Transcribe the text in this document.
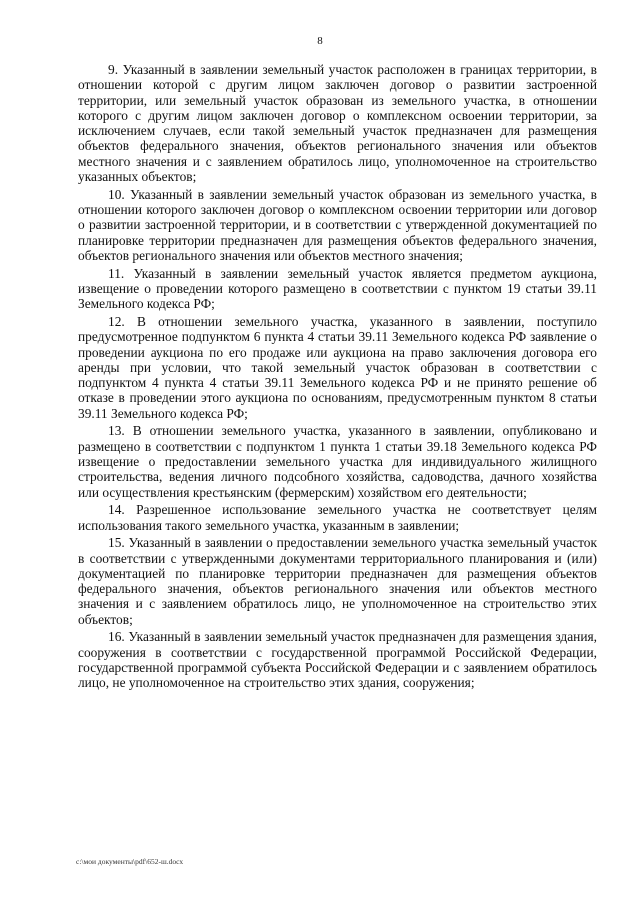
8

9. Указанный в заявлении земельный участок расположен в границах территории, в отношении которой с другим лицом заключен договор о развитии застроенной территории, или земельный участок образован из земельного участка, в отношении которого с другим лицом заключен договор о комплексном освоении территории, за исключением случаев, если такой земельный участок предназначен для размещения объектов федерального значения, объектов регионального значения или объектов местного значения и с заявлением обратилось лицо, уполномоченное на строительство указанных объектов;

10. Указанный в заявлении земельный участок образован из земельного участка, в отношении которого заключен договор о комплексном освоении территории или договор о развитии застроенной территории, и в соответствии с утвержденной документацией по планировке территории предназначен для размещения объектов федерального значения, объектов регионального значения или объектов местного значения;

11. Указанный в заявлении земельный участок является предметом аукциона, извещение о проведении которого размещено в соответствии с пунктом 19 статьи 39.11 Земельного кодекса РФ;

12. В отношении земельного участка, указанного в заявлении, поступило предусмотренное подпунктом 6 пункта 4 статьи 39.11 Земельного кодекса РФ заявление о проведении аукциона по его продаже или аукциона на право заключения договора его аренды при условии, что такой земельный участок образован в соответствии с подпунктом 4 пункта 4 статьи 39.11 Земельного кодекса РФ и не принято решение об отказе в проведении этого аукциона по основаниям, предусмотренным пунктом 8 статьи 39.11 Земельного кодекса РФ;

13. В отношении земельного участка, указанного в заявлении, опубликовано и размещено в соответствии с подпунктом 1 пункта 1 статьи 39.18 Земельного кодекса РФ извещение о предоставлении земельного участка для индивидуального жилищного строительства, ведения личного подсобного хозяйства, садоводства, дачного хозяйства или осуществления крестьянским (фермерским) хозяйством его деятельности;

14. Разрешенное использование земельного участка не соответствует целям использования такого земельного участка, указанным в заявлении;

15. Указанный в заявлении о предоставлении земельного участка земельный участок в соответствии с утвержденными документами территориального планирования и (или) документацией по планировке территории предназначен для размещения объектов федерального значения, объектов регионального значения или объектов местного значения и с заявлением обратилось лицо, не уполномоченное на строительство этих объектов;

16. Указанный в заявлении земельный участок предназначен для размещения здания, сооружения в соответствии с государственной программой Российской Федерации, государственной программой субъекта Российской Федерации и с заявлением обратилось лицо, не уполномоченное на строительство этих здания, сооружения;

c:\мои документы\pdf\652-ш.docx
